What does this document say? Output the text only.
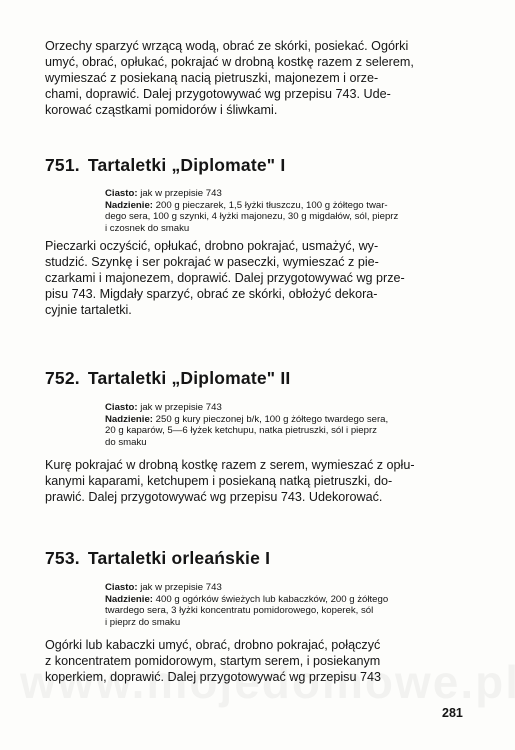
Orzechy sparzyć wrzącą wodą, obrać ze skórki, posiekać. Ogórki
umyć, obrać, opłukać, pokrajać w drobną kostkę razem z selerem,
wymieszać z posiekaną nacią pietruszki, majonezem i orze-
chami, doprawić. Dalej przygotowywać wg przepisu 743. Ude-
korować cząstkami pomidorów i śliwkami.

751. Tartaletki „Diplomate" I
Ciasto: jak w przepisie 743
Nadzienie: 200 g pieczarek, 1,5 łyżki tłuszczu, 100 g żółtego twar-
dego sera, 100 g szynki, 4 łyżki majonezu, 30 g migdałów, sól, pieprz
i czosnek do smaku

Pieczarki oczyścić, opłukać, drobno pokrajać, usmażyć, wy-
studzić. Szynkę i ser pokrajać w paseczki, wymieszać z pie-
czarkami i majonezem, doprawić. Dalej przygotowywać wg prze-
pisu 743. Migdały sparzyć, obrać ze skórki, obłożyć dekora-
cyjnie tartaletki.

752. Tartaletki „Diplomate" II
Ciasto: jak w przepisie 743
Nadzienie: 250 g kury pieczonej b/k, 100 g żółtego twardego sera,
20 g kaparów, 5—6 łyżek ketchupu, natka pietruszki, sól i pieprz
do smaku

Kurę pokrajać w drobną kostkę razem z serem, wymieszać z opłu-
kanymi kaparami, ketchupem i posiekaną natką pietruszki, do-
prawić. Dalej przygotowywać wg przepisu 743. Udekorować.

753. Tartaletki orleańskie I
Ciasto: jak w przepisie 743
Nadzienie: 400 g ogórków świeżych lub kabaczków, 200 g żółtego
twardego sera, 3 łyżki koncentratu pomidorowego, koperek, sól
i pieprz do smaku

Ogórki lub kabaczki umyć, obrać, drobno pokrajać, połączyć
z koncentratem pomidorowym, startym serem, i posiekanym
koperkiem, doprawić. Dalej przygotowywać wg przepisu 743

281
